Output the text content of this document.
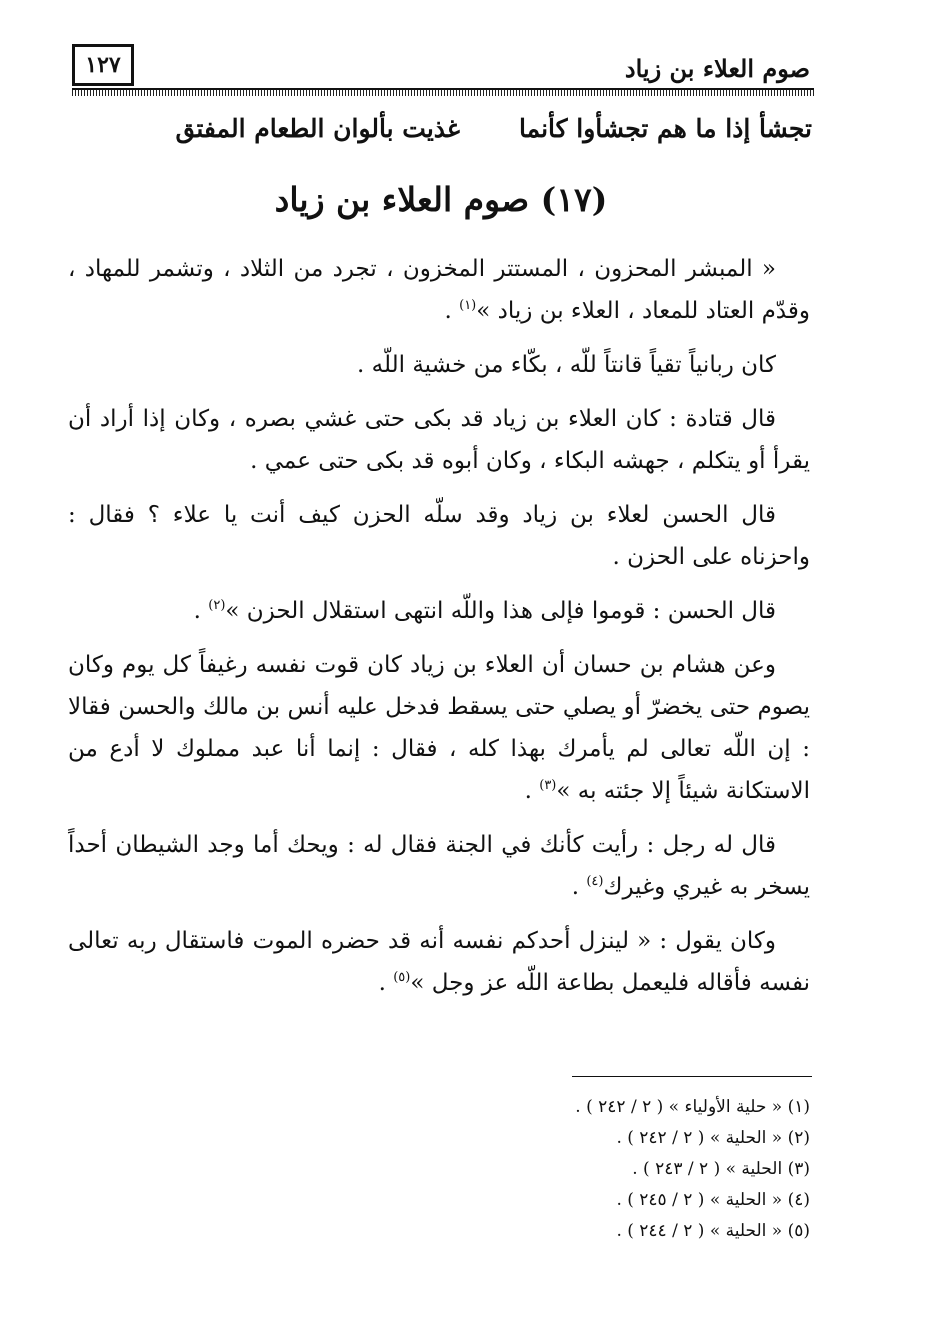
١٢٧	صوم العلاء بن زياد
تجشأ إذا ما هم تجشأوا كأنما
غذيت بألوان الطعام المفتق
(١٧) صوم العلاء بن زياد

« المبشر المحزون ، المستتر المخزون ، تجرد من الثلاد ، وتشمر للمهاد ، وقدّم العتاد للمعاد ، العلاء بن زياد »$^{(١)}$ .

كان ربانياً تقياً قانتاً للّه ، بكّاء من خشية اللّه .

قال قتادة : كان العلاء بن زياد قد بكى حتى غشي بصره ، وكان إذا أراد أن يقرأ أو يتكلم ، جهشه البكاء ، وكان أبوه قد بكى حتى عمي .

قال الحسن لعلاء بن زياد وقد سلّه الحزن كيف أنت يا علاء ؟ فقال : واحزناه على الحزن .

قال الحسن : قوموا فإلى هذا واللّه انتهى استقلال الحزن »$^{(٢)}$ .

وعن هشام بن حسان أن العلاء بن زياد كان قوت نفسه رغيفاً كل يوم وكان يصوم حتى يخضرّ أو يصلي حتى يسقط فدخل عليه أنس بن مالك والحسن فقالا : إن اللّه تعالى لم يأمرك بهذا كله ، فقال : إنما أنا عبد مملوك لا أدع من الاستكانة شيئاً إلا جئته به »$^{(٣)}$ .

قال له رجل : رأيت كأنك في الجنة فقال له : ويحك أما وجد الشيطان أحداً يسخر به غيري وغيرك$^{(٤)}$ .

وكان يقول : « لينزل أحدكم نفسه أنه قد حضره الموت فاستقال ربه تعالى نفسه فأقاله فليعمل بطاعة اللّه عز وجل »$^{(٥)}$ .

(١) « حلية الأولياء » ( ٢ / ٢٤٢ ) .
(٢) « الحلية » ( ٢ / ٢٤٢ ) .
(٣) الحلية » ( ٢ / ٢٤٣ ) .
(٤) « الحلية » ( ٢ / ٢٤٥ ) .
(٥) « الحلية » ( ٢ / ٢٤٤ ) .
